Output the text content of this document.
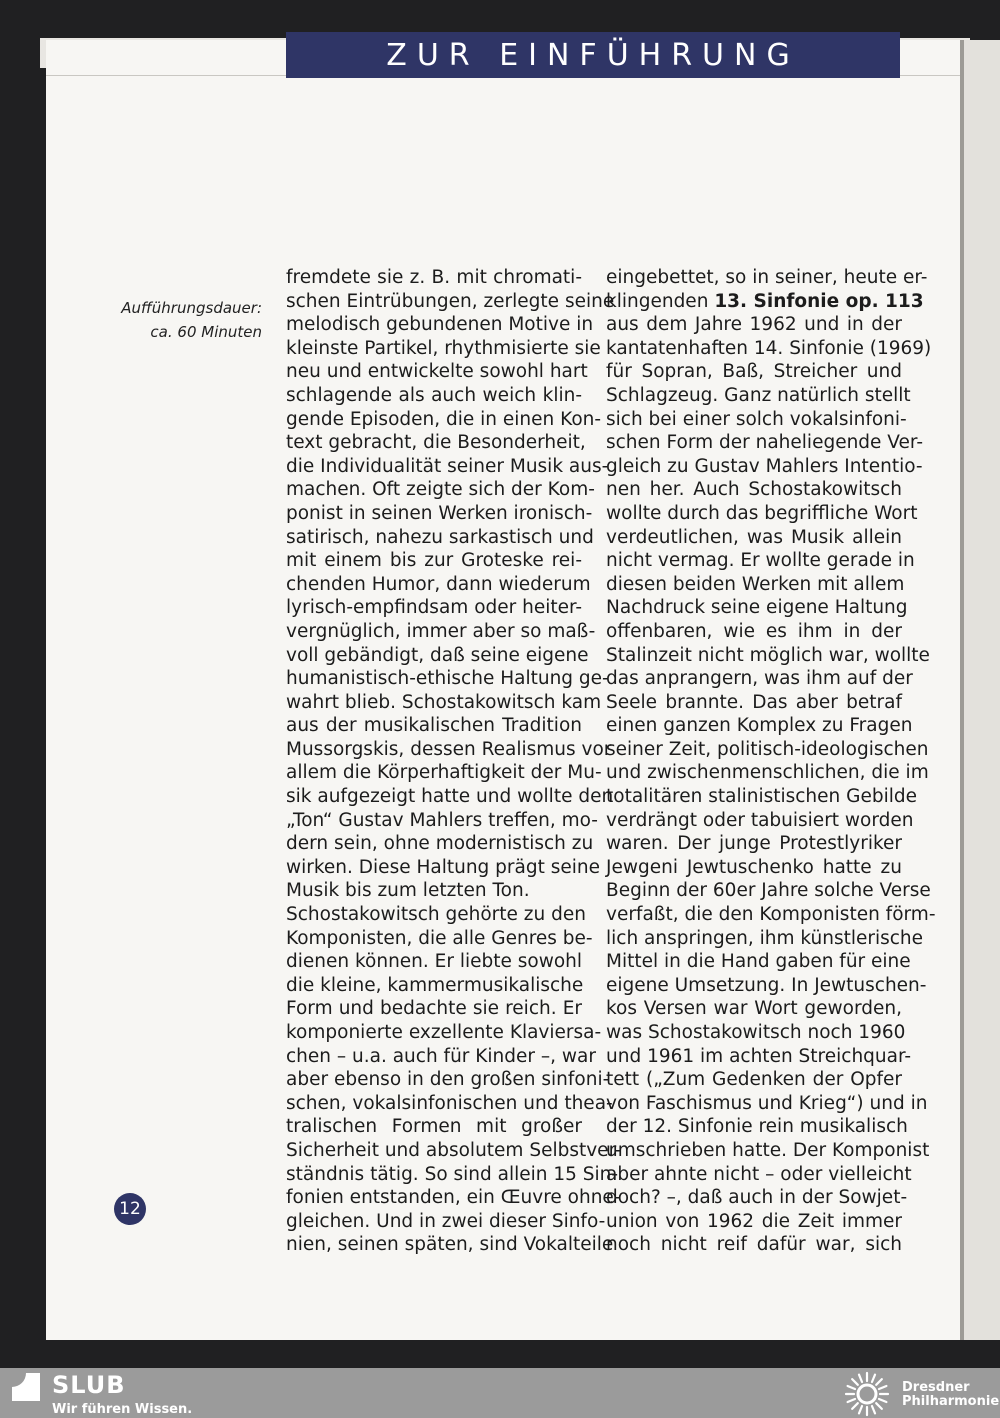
ZUR EINFÜHRUNG
Aufführungsdauer:
ca. 60 Minuten
fremdete sie z. B. mit chromati-
schen Eintrübungen, zerlegte seine
melodisch gebundenen Motive in
kleinste Partikel, rhythmisierte sie
neu und entwickelte sowohl hart
schlagende als auch weich klin-
gende Episoden, die in einen Kon-
text gebracht, die Besonderheit,
die Individualität seiner Musik aus-
machen. Oft zeigte sich der Kom-
ponist in seinen Werken ironisch-
satirisch, nahezu sarkastisch und
mit einem bis zur Groteske rei-
chenden Humor, dann wiederum
lyrisch-empfindsam oder heiter-
vergnüglich, immer aber so maß-
voll gebändigt, daß seine eigene
humanistisch-ethische Haltung ge-
wahrt blieb. Schostakowitsch kam
aus der musikalischen Tradition
Mussorgskis, dessen Realismus vor
allem die Körperhaftigkeit der Mu-
sik aufgezeigt hatte und wollte den
„Ton“ Gustav Mahlers treffen, mo-
dern sein, ohne modernistisch zu
wirken. Diese Haltung prägt seine
Musik bis zum letzten Ton.
Schostakowitsch gehörte zu den
Komponisten, die alle Genres be-
dienen können. Er liebte sowohl
die kleine, kammermusikalische
Form und bedachte sie reich. Er
komponierte exzellente Klaviersa-
chen – u.a. auch für Kinder –, war
aber ebenso in den großen sinfoni-
schen, vokalsinfonischen und thea-
tralischen Formen mit großer
Sicherheit und absolutem Selbstver-
ständnis tätig. So sind allein 15 Sin-
fonien entstanden, ein Œuvre ohne-
gleichen. Und in zwei dieser Sinfo-
nien, seinen späten, sind Vokalteile
eingebettet, so in seiner, heute er-
klingenden 13. Sinfonie op. 113
aus dem Jahre 1962 und in der
kantatenhaften 14. Sinfonie (1969)
für Sopran, Baß, Streicher und
Schlagzeug. Ganz natürlich stellt
sich bei einer solch vokalsinfoni-
schen Form der naheliegende Ver-
gleich zu Gustav Mahlers Intentio-
nen her. Auch Schostakowitsch
wollte durch das begriffliche Wort
verdeutlichen, was Musik allein
nicht vermag. Er wollte gerade in
diesen beiden Werken mit allem
Nachdruck seine eigene Haltung
offenbaren, wie es ihm in der
Stalinzeit nicht möglich war, wollte
das anprangern, was ihm auf der
Seele brannte. Das aber betraf
einen ganzen Komplex zu Fragen
seiner Zeit, politisch-ideologischen
und zwischenmenschlichen, die im
totalitären stalinistischen Gebilde
verdrängt oder tabuisiert worden
waren. Der junge Protestlyriker
Jewgeni Jewtuschenko hatte zu
Beginn der 60er Jahre solche Verse
verfaßt, die den Komponisten förm-
lich anspringen, ihm künstlerische
Mittel in die Hand gaben für eine
eigene Umsetzung. In Jewtuschen-
kos Versen war Wort geworden,
was Schostakowitsch noch 1960
und 1961 im achten Streichquar-
tett („Zum Gedenken der Opfer
von Faschismus und Krieg“) und in
der 12. Sinfonie rein musikalisch
umschrieben hatte. Der Komponist
aber ahnte nicht – oder vielleicht
doch? –, daß auch in der Sowjet-
union von 1962 die Zeit immer
noch nicht reif dafür war, sich
12
SLUB
Wir führen Wissen.
Dresdner
Philharmonie
